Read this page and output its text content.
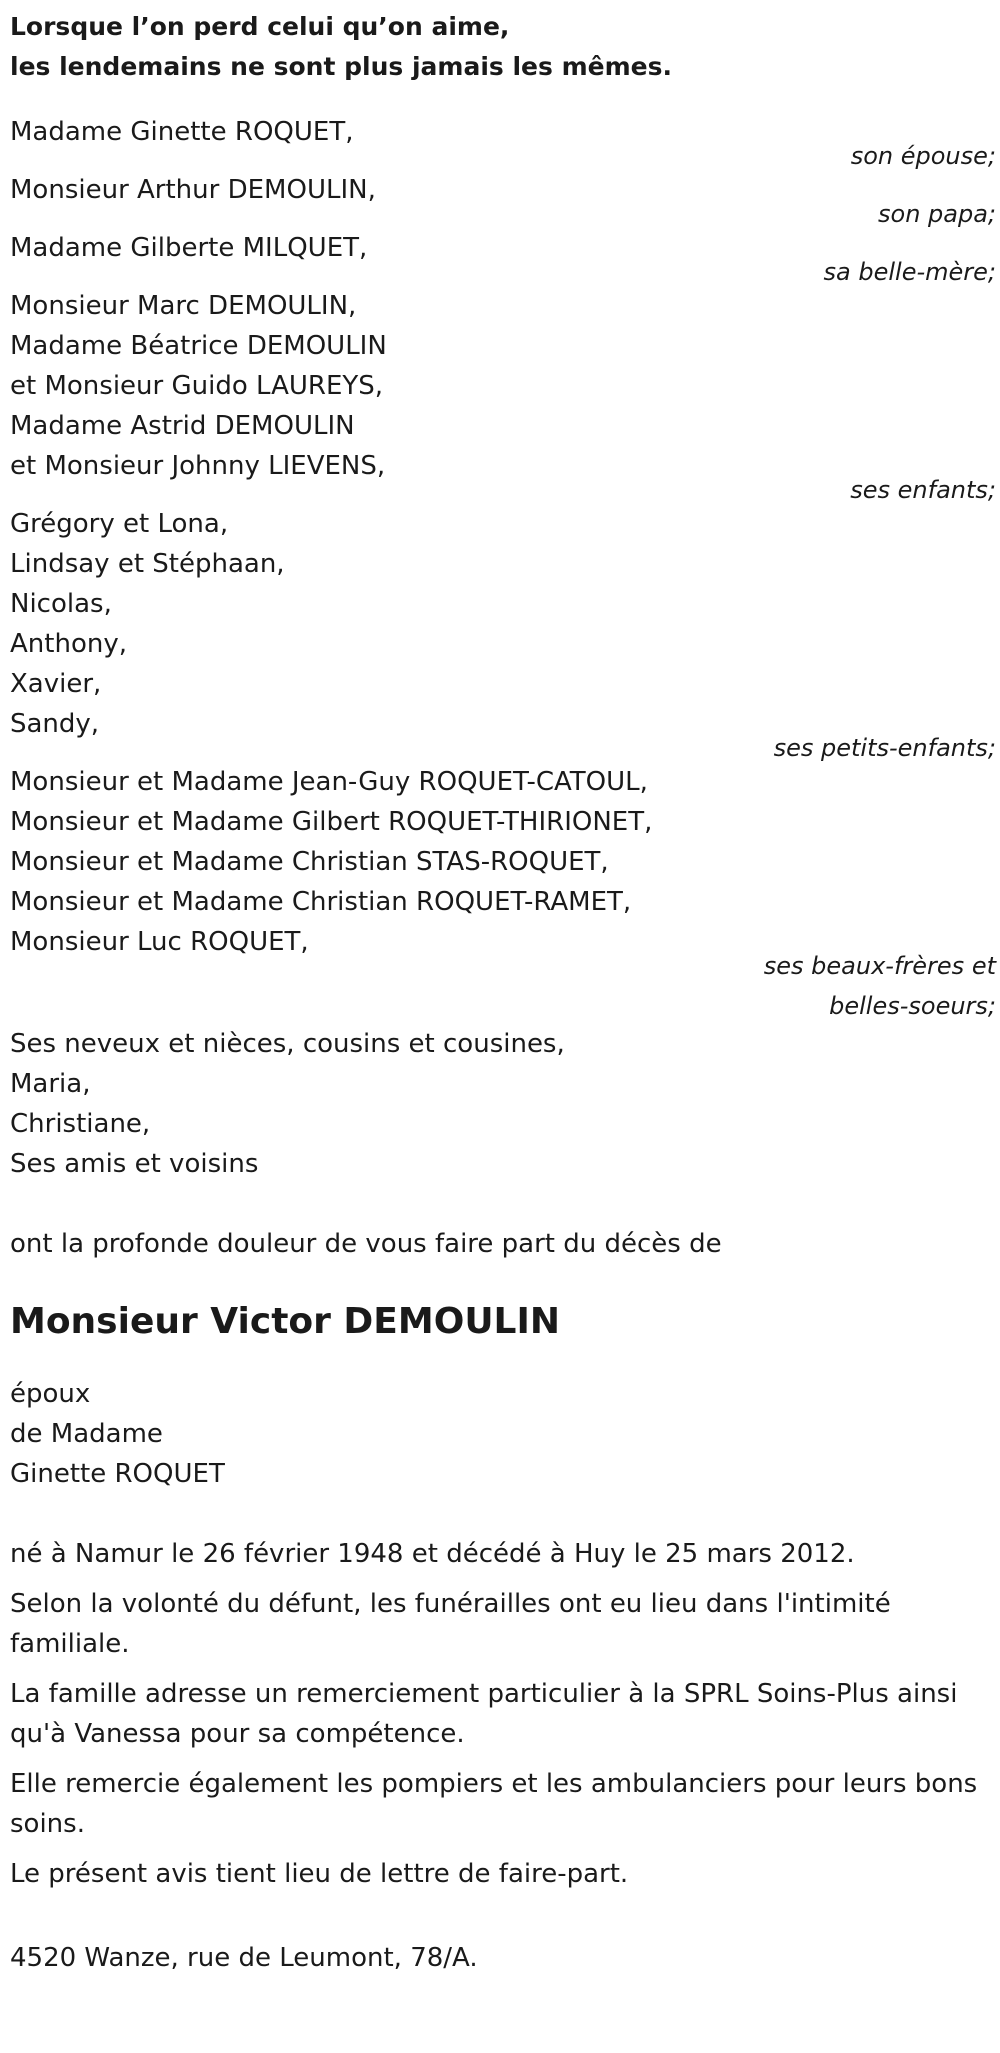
Lorsque l’on perd celui qu’on aime,

les lendemains ne sont plus jamais les mêmes.

Madame Ginette ROQUET,

son épouse;

Monsieur Arthur DEMOULIN,

son papa;

Madame Gilberte MILQUET,

sa belle-mère;

Monsieur Marc DEMOULIN,

Madame Béatrice DEMOULIN

et Monsieur Guido LAUREYS,

Madame Astrid DEMOULIN

et Monsieur Johnny LIEVENS,

ses enfants;

Grégory et Lona,

Lindsay et Stéphaan,

Nicolas,

Anthony,

Xavier,

Sandy,

ses petits-enfants;

Monsieur et Madame Jean-Guy ROQUET-CATOUL,

Monsieur et Madame Gilbert ROQUET-THIRIONET,

Monsieur et Madame Christian STAS-ROQUET,

Monsieur et Madame Christian ROQUET-RAMET,

Monsieur Luc ROQUET,

ses beaux-frères et

belles-soeurs;

Ses neveux et nièces, cousins et cousines,

Maria,

Christiane,

Ses amis et voisins

ont la profonde douleur de vous faire part du décès de

Monsieur Victor DEMOULIN

époux

de Madame

Ginette ROQUET

né à Namur le 26 février 1948 et décédé à Huy le 25 mars 2012.

Selon la volonté du défunt, les funérailles ont eu lieu dans l'intimité familiale.

La famille adresse un remerciement particulier à la SPRL Soins-Plus ainsi qu'à Vanessa pour sa compétence.

Elle remercie également les pompiers et les ambulanciers pour leurs bons soins.

Le présent avis tient lieu de lettre de faire-part.

4520 Wanze, rue de Leumont, 78/A.
